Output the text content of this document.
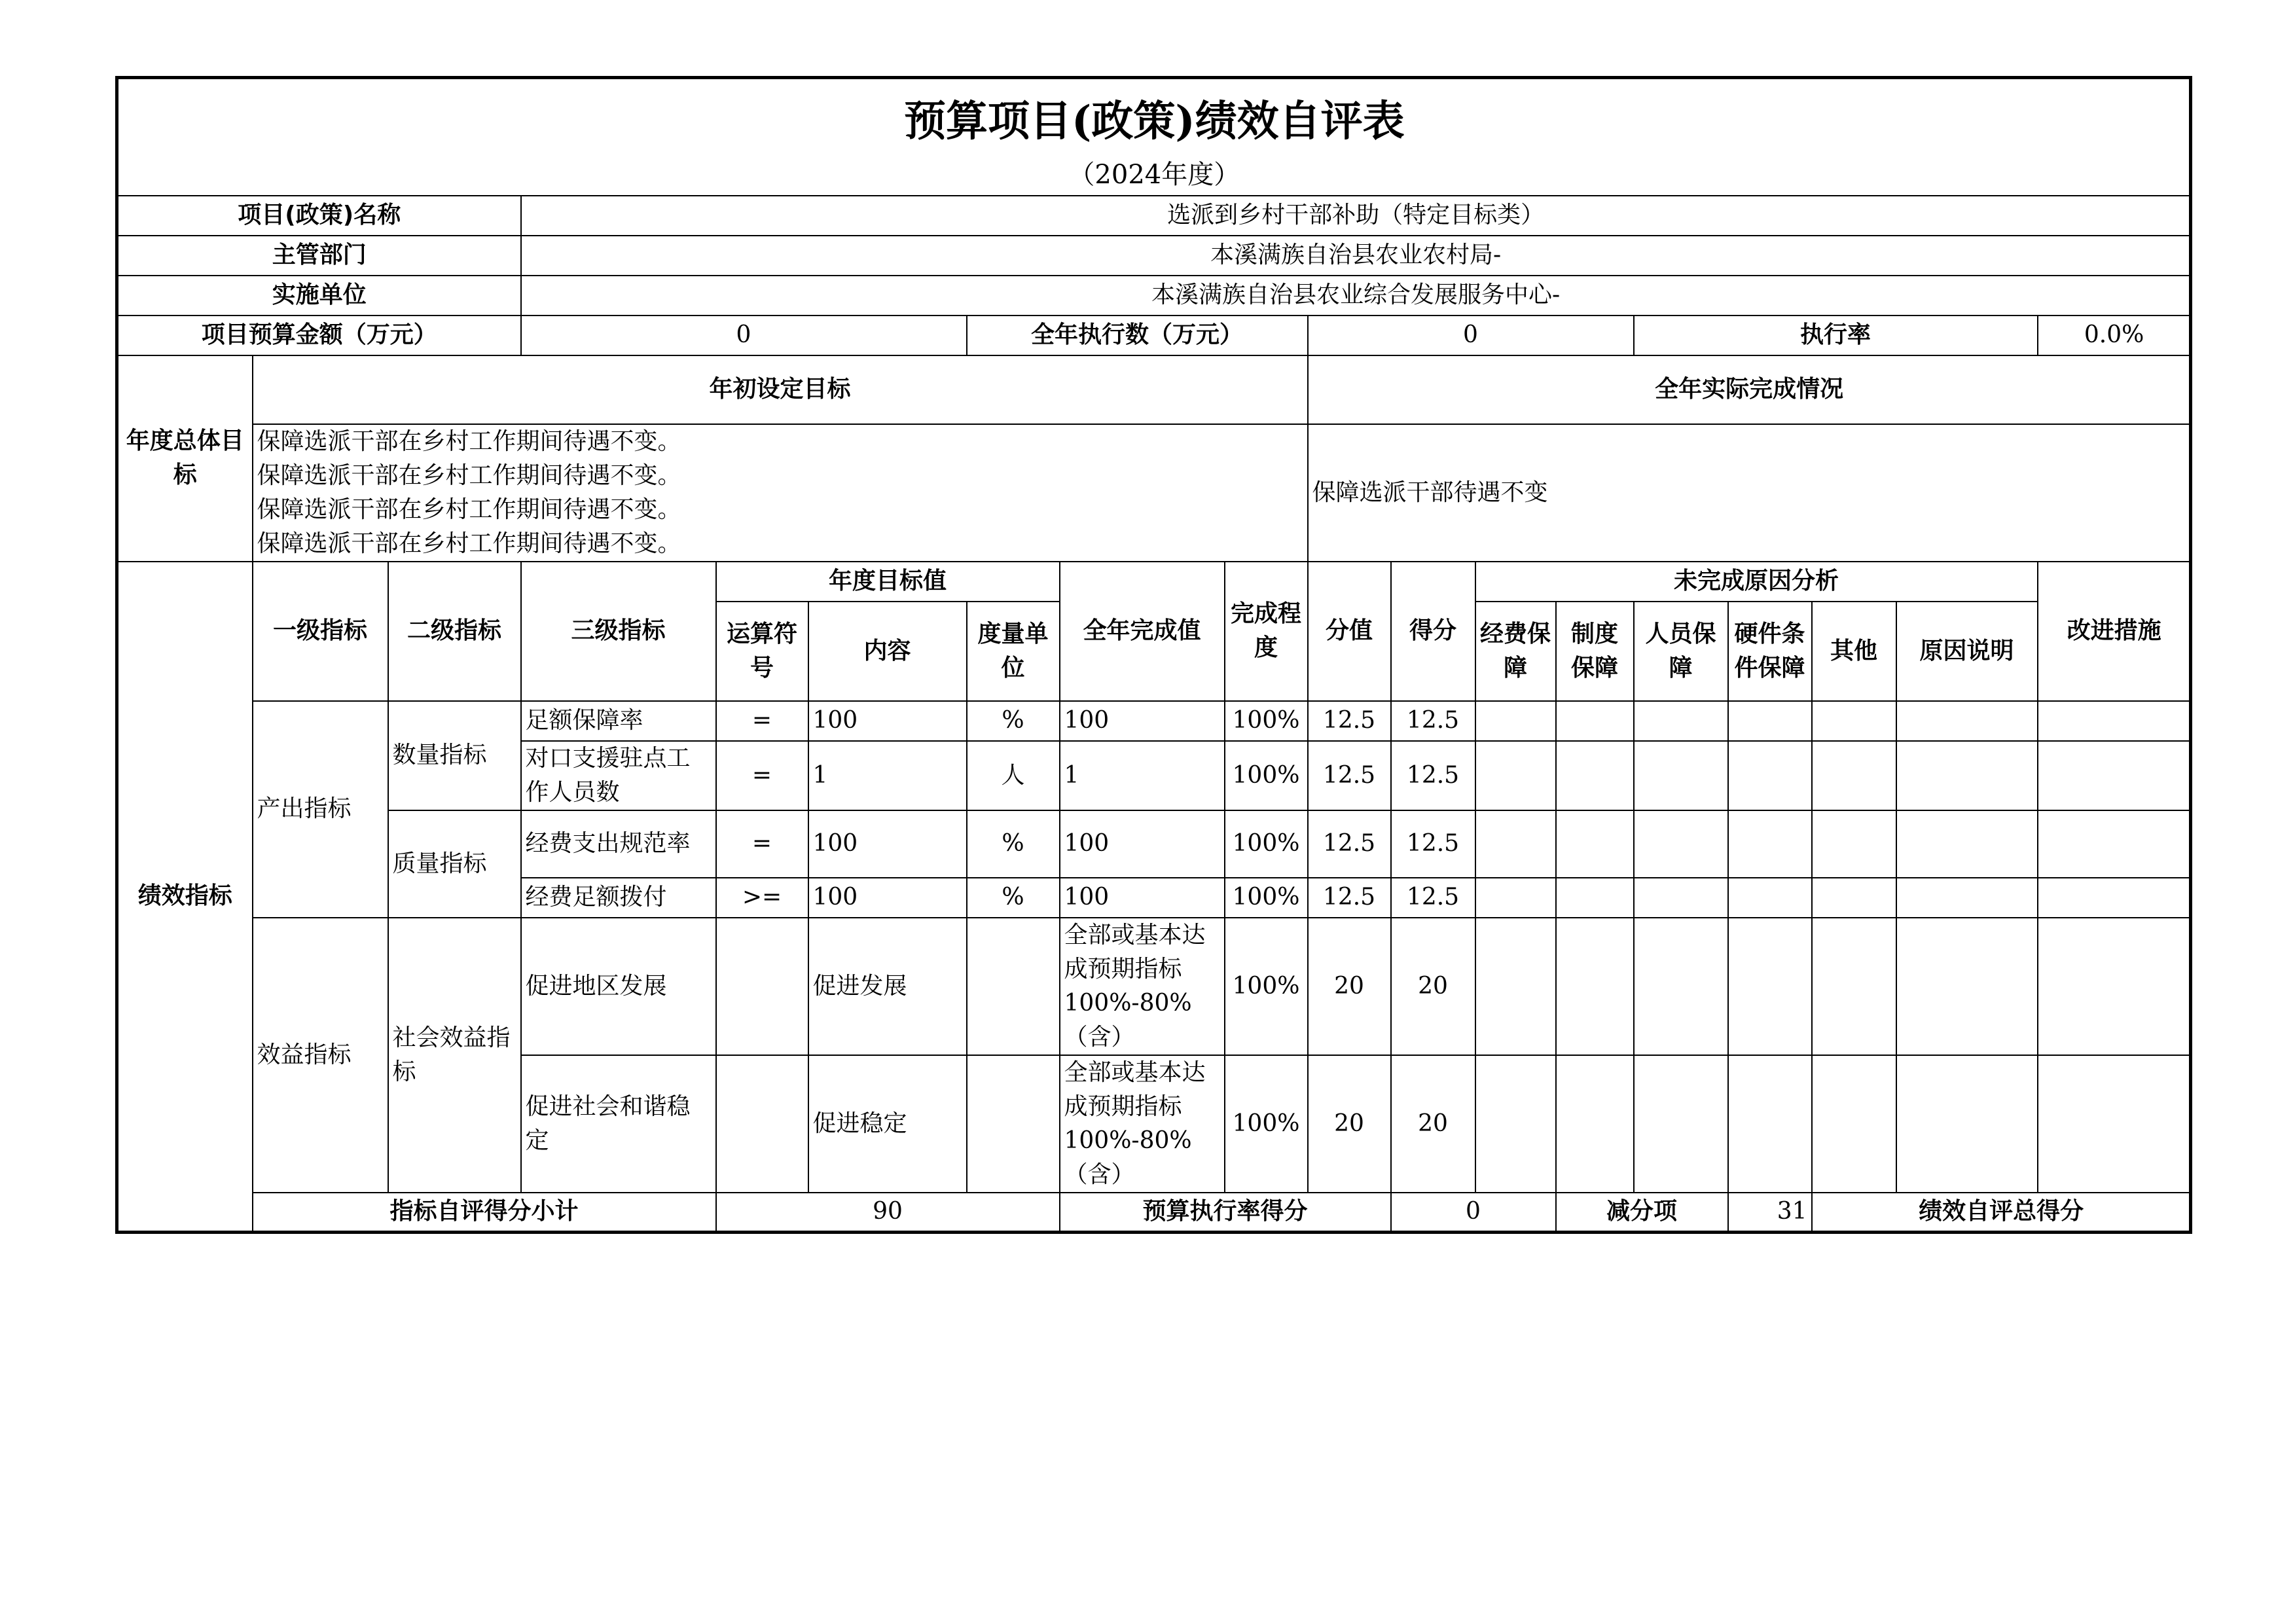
预算项目(政策)绩效自评表																		
（2024年度）																		
项目(政策)名称			选派到乡村干部补助（特定目标类）															
主管部门			本溪满族自治县农业农村局-															
实施单位			本溪满族自治县农业综合发展服务中心-															
项目预算金额（万元）			0			全年执行数（万元）			0				执行率				0.0%	
年度总体目标	年初设定目标								全年实际完成情况									

	保障选派干部在乡村工作期间待遇不变。
保障选派干部在乡村工作期间待遇不变。
保障选派干部在乡村工作期间待遇不变。
保障选派干部在乡村工作期间待遇不变。								保障选派干部待遇不变									
绩效指标	一级指标	二级指标	三级指标	年度目标值			全年完成值	完成程度	分值	得分	未完成原因分析						改进措施	
				运算符号	内容	度量单位					经费保障	制度保障	人员保障	硬件条件保障	其他	原因说明		
	产出指标	数量指标	足额保障率	=	100	%	100	100%	12.5	12.5								
			对口支援驻点工作人员数	=	1	人	1	100%	12.5	12.5								
		质量指标	经费支出规范率	=	100	%	100	100%	12.5	12.5								
			经费足额拨付	>=	100	%	100	100%	12.5	12.5								
	效益指标	社会效益指标	促进地区发展		促进发展		全部或基本达成预期指标100%-80%（含）	100%	20	20								
			促进社会和谐稳定		促进稳定		全部或基本达成预期指标100%-80%（含）	100%	20	20								
	指标自评得分小计			90			预算执行率得分			0		减分项		31	绩效自评总得分	
